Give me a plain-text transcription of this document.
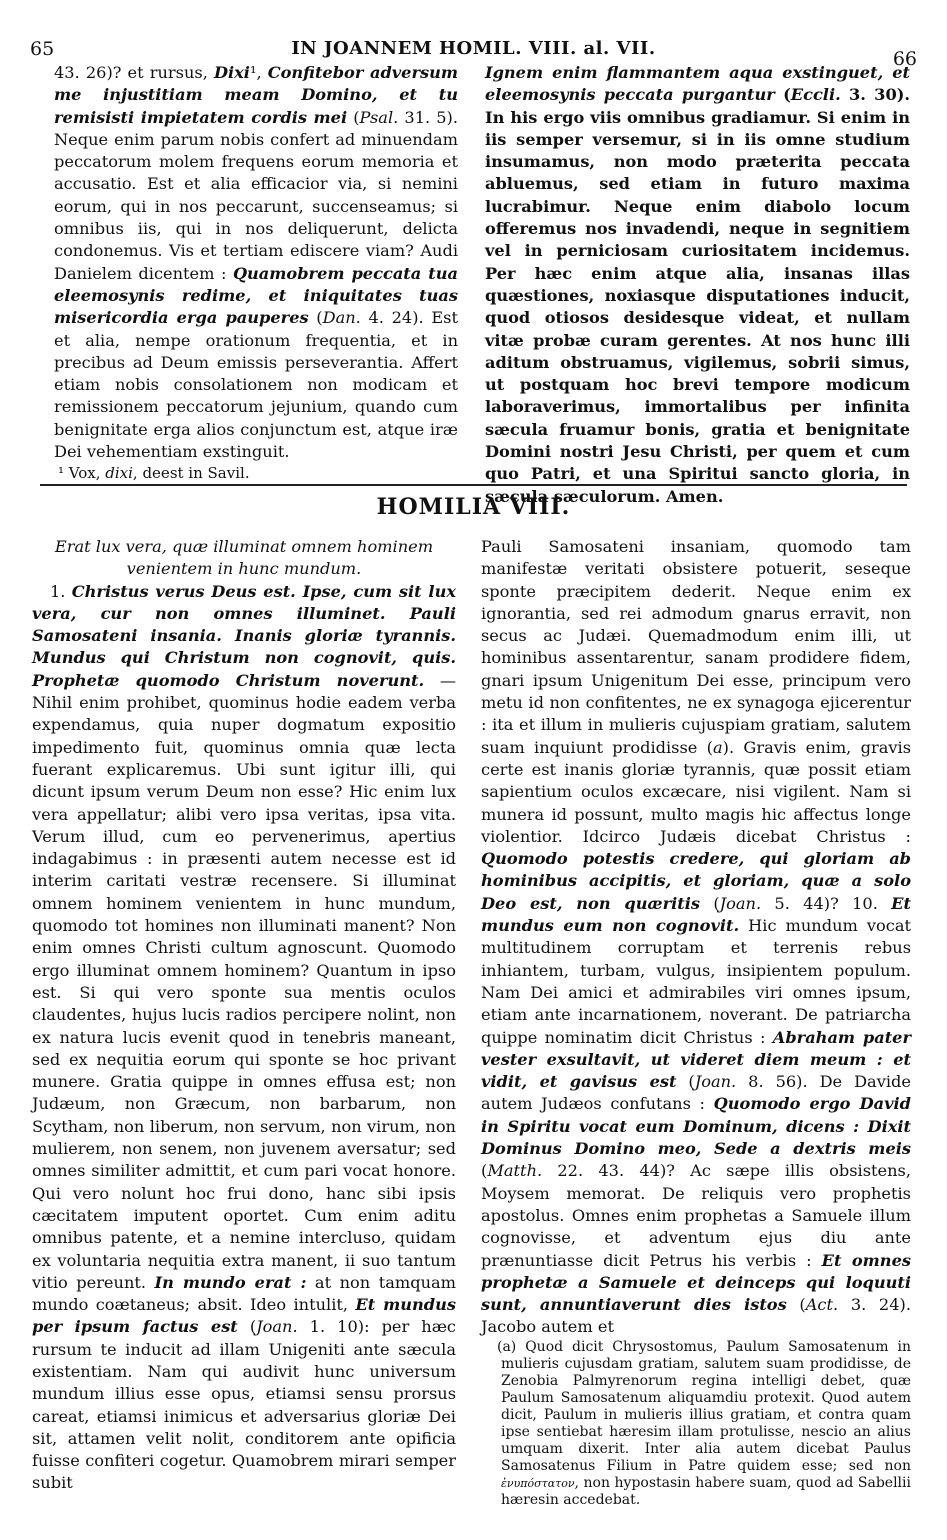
65	IN JOANNEM HOMIL. VIII. al. VII.	66

43. 26)? et rursus, Dixi¹, Confitebor adversum me injustitiam meam Domino, et tu remisisti impietatem cordis mei (Psal. 31. 5). Neque enim parum nobis confert ad minuendam peccatorum molem frequens eorum memoria et accusatio. Est et alia efficacior via, si nemini eorum, qui in nos peccarunt, succenseamus; si omnibus iis, qui in nos deliquerunt, delicta condonemus. Vis et tertiam ediscere viam? Audi Danielem dicentem : Quamobrem peccata tua eleemosynis redime, et iniquitates tuas misericordia erga pauperes (Dan. 4. 24). Est et alia, nempe orationum frequentia, et in precibus ad Deum emissis perseverantia. Affert etiam nobis consolationem non modicam et remissionem peccatorum jejunium, quando cum benignitate erga alios conjunctum est, atque iræ Dei vehementiam exstinguit.

¹ Vox, dixi, deest in Savil.

Ignem enim flammantem aqua exstinguet, et eleemosynis peccata purgantur (Eccli. 3. 30). In his ergo viis omnibus gradiamur. Si enim in iis semper versemur, si in iis omne studium insumamus, non modo præterita peccata abluemus, sed etiam in futuro maxima lucrabimur. Neque enim diabolo locum offeremus nos invadendi, neque in segnitiem vel in perniciosam curiositatem incidemus. Per hæc enim atque alia, insanas illas quæstiones, noxiasque disputationes inducit, quod otiosos desidesque videat, et nullam vitæ probæ curam gerentes. At nos hunc illi aditum obstruamus, vigilemus, sobrii simus, ut postquam hoc brevi tempore modicum laboraverimus, immortalibus per infinita sæcula fruamur bonis, gratia et benignitate Domini nostri Jesu Christi, per quem et cum quo Patri, et una Spiritui sancto gloria, in sæcula sæculorum. Amen.

HOMILIA VIII.

Erat lux vera, quæ illuminat omnem hominem venientem in hunc mundum.

1. Christus verus Deus est. Ipse, cum sit lux vera, cur non omnes illuminet. Pauli Samosateni insania. Inanis gloriæ tyrannis. Mundus qui Christum non cognovit, quis. Prophetæ quomodo Christum noverunt. — Nihil enim prohibet, quominus hodie eadem verba expendamus, quia nuper dogmatum expositio impedimento fuit, quominus omnia quæ lecta fuerant explicaremus. Ubi sunt igitur illi, qui dicunt ipsum verum Deum non esse? Hic enim lux vera appellatur; alibi vero ipsa veritas, ipsa vita. Verum illud, cum eo pervenerimus, apertius indagabimus : in præsenti autem necesse est id interim caritati vestræ recensere. Si illuminat omnem hominem venientem in hunc mundum, quomodo tot homines non illuminati manent? Non enim omnes Christi cultum agnoscunt. Quomodo ergo illuminat omnem hominem? Quantum in ipso est. Si qui vero sponte sua mentis oculos claudentes, hujus lucis radios percipere nolint, non ex natura lucis evenit quod in tenebris maneant, sed ex nequitia eorum qui sponte se hoc privant munere. Gratia quippe in omnes effusa est; non Judæum, non Græcum, non barbarum, non Scytham, non liberum, non servum, non virum, non mulierem, non senem, non juvenem aversatur; sed omnes similiter admittit, et cum pari vocat honore. Qui vero nolunt hoc frui dono, hanc sibi ipsis cæcitatem imputent oportet. Cum enim aditu omnibus patente, et a nemine intercluso, quidam ex voluntaria nequitia extra manent, ii suo tantum vitio pereunt. In mundo erat : at non tamquam mundo coætaneus; absit. Ideo intulit, Et mundus per ipsum factus est (Joan. 1. 10): per hæc rursum te inducit ad illam Unigeniti ante sæcula existentiam. Nam qui audivit hunc universum mundum illius esse opus, etiamsi sensu prorsus careat, etiamsi inimicus et adversarius gloriæ Dei sit, attamen velit nolit, conditorem ante opificia fuisse confiteri cogetur. Quamobrem mirari semper subit

Pauli Samosateni insaniam, quomodo tam manifestæ veritati obsistere potuerit, seseque sponte præcipitem dederit. Neque enim ex ignorantia, sed rei admodum gnarus erravit, non secus ac Judæi. Quemadmodum enim illi, ut hominibus assentarentur, sanam prodidere fidem, gnari ipsum Unigenitum Dei esse, principum vero metu id non confitentes, ne ex synagoga ejicerentur : ita et illum in mulieris cujuspiam gratiam, salutem suam inquiunt prodidisse (a). Gravis enim, gravis certe est inanis gloriæ tyrannis, quæ possit etiam sapientium oculos excæcare, nisi vigilent. Nam si munera id possunt, multo magis hic affectus longe violentior. Idcirco Judæis dicebat Christus : Quomodo potestis credere, qui gloriam ab hominibus accipitis, et gloriam, quæ a solo Deo est, non quæritis (Joan. 5. 44)? 10. Et mundus eum non cognovit. Hic mundum vocat multitudinem corruptam et terrenis rebus inhiantem, turbam, vulgus, insipientem populum. Nam Dei amici et admirabiles viri omnes ipsum, etiam ante incarnationem, noverant. De patriarcha quippe nominatim dicit Christus : Abraham pater vester exsultavit, ut videret diem meum : et vidit, et gavisus est (Joan. 8. 56). De Davide autem Judæos confutans : Quomodo ergo David in Spiritu vocat eum Dominum, dicens : Dixit Dominus Domino meo, Sede a dextris meis (Matth. 22. 43. 44)? Ac sæpe illis obsistens, Moysem memorat. De reliquis vero prophetis apostolus. Omnes enim prophetas a Samuele illum cognovisse, et adventum ejus diu ante prænuntiasse dicit Petrus his verbis : Et omnes prophetæ a Samuele et deinceps qui loquuti sunt, annuntiaverunt dies istos (Act. 3. 24). Jacobo autem et

(a) Quod dicit Chrysostomus, Paulum Samosatenum in mulieris cujusdam gratiam, salutem suam prodidisse, de Zenobia Palmyrenorum regina intelligi debet, quæ Paulum Samosatenum aliquamdiu protexit. Quod autem dicit, Paulum in mulieris illius gratiam, et contra quam ipse sentiebat hæresim illam protulisse, nescio an alius umquam dixerit. Inter alia autem dicebat Paulus Samosatenus Filium in Patre quidem esse; sed non ἐνυπόστατον, non hypostasin habere suam, quod ad Sabellii hæresin accedebat.
